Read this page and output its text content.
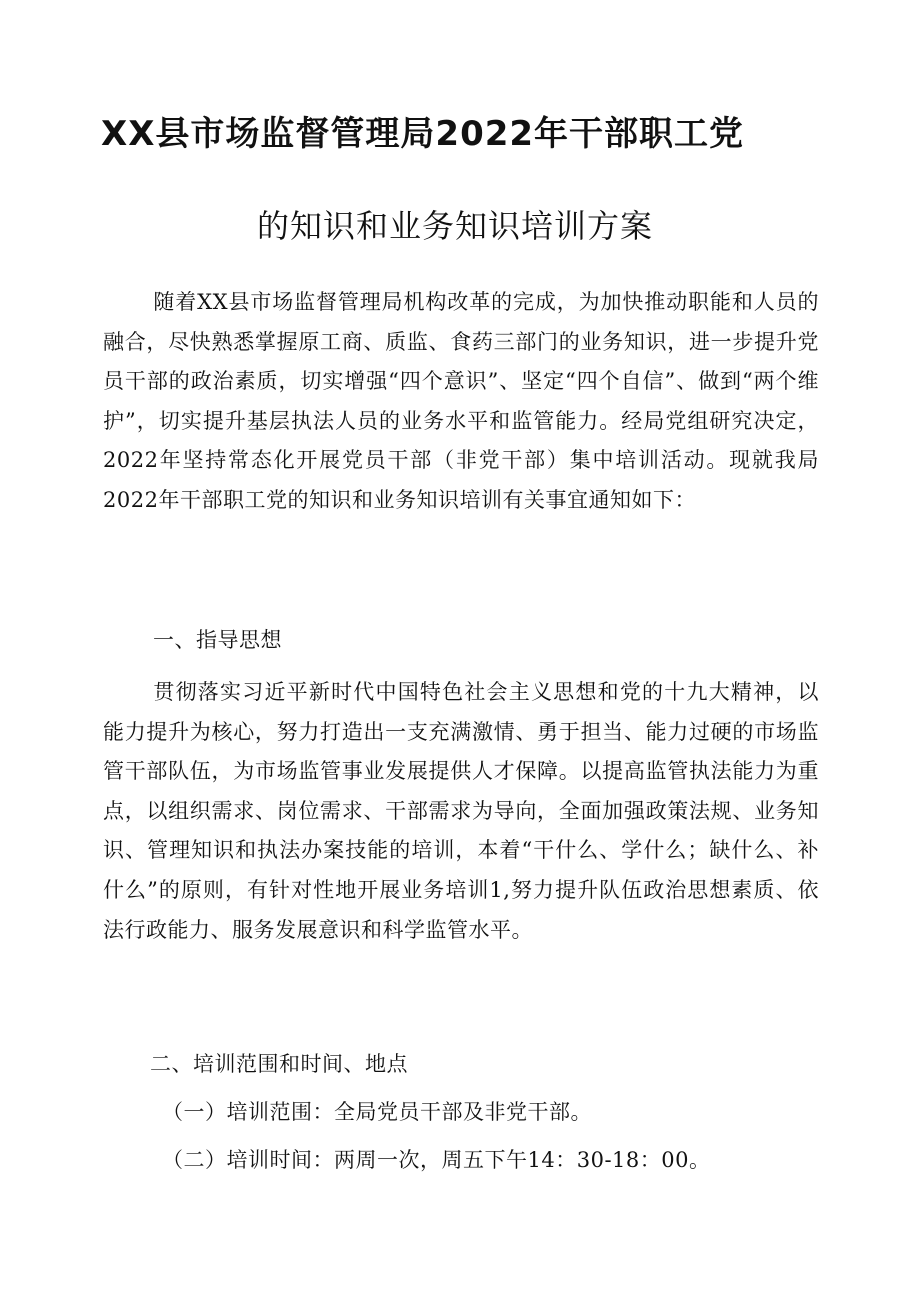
XX县市场监督管理局2022年干部职工党
的知识和业务知识培训方案

随着XX县市场监督管理局机构改革的完成，为加快推动职能和人员的融合，尽快熟悉掌握原工商、质监、食药三部门的业务知识，进一步提升党员干部的政治素质，切实增强“四个意识”、坚定“四个自信”、做到“两个维护”，切实提升基层执法人员的业务水平和监管能力。经局党组研究决定，2022年坚持常态化开展党员干部（非党干部）集中培训活动。现就我局2022年干部职工党的知识和业务知识培训有关事宜通知如下：

一、指导思想

贯彻落实习近平新时代中国特色社会主义思想和党的十九大精神，以能力提升为核心，努力打造出一支充满激情、勇于担当、能力过硬的市场监管干部队伍，为市场监管事业发展提供人才保障。以提高监管执法能力为重点，以组织需求、岗位需求、干部需求为导向，全面加强政策法规、业务知识、管理知识和执法办案技能的培训，本着“干什么、学什么；缺什么、补什么”的原则，有针对性地开展业务培训1,努力提升队伍政治思想素质、依法行政能力、服务发展意识和科学监管水平。

二、培训范围和时间、地点

（一）培训范围：全局党员干部及非党干部。

（二）培训时间：两周一次，周五下午14：30-18：00。
